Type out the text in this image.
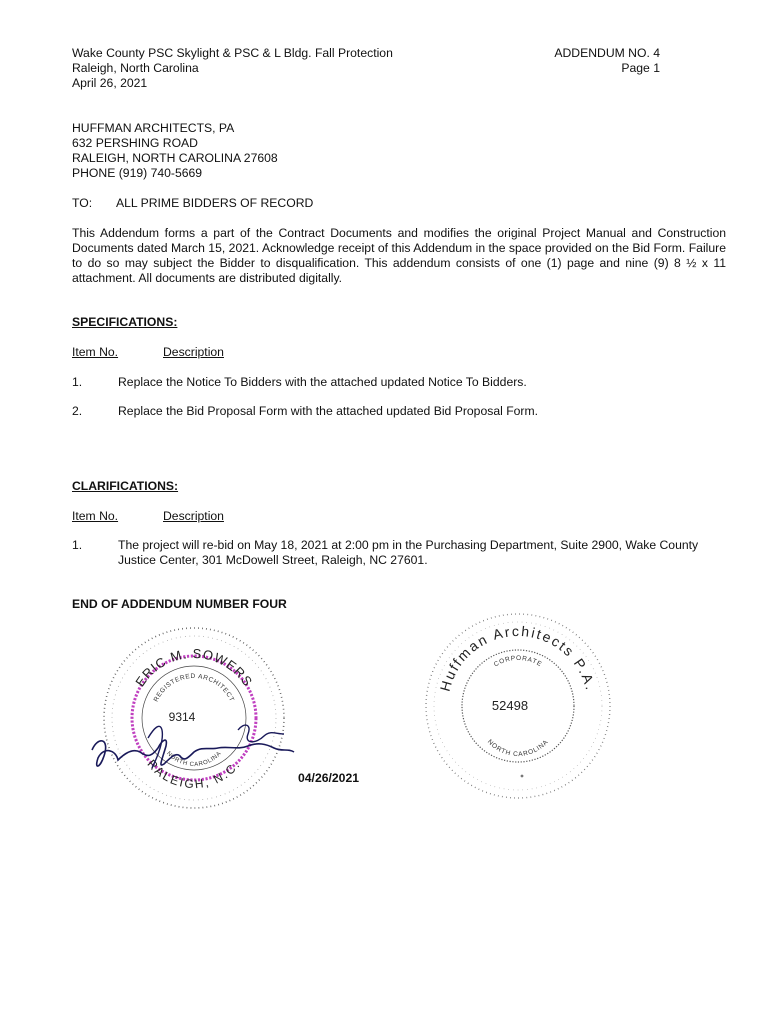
Wake County PSC Skylight & PSC & L Bldg. Fall Protection
Raleigh, North Carolina
April 26, 2021
ADDENDUM NO. 4
Page 1
HUFFMAN ARCHITECTS, PA
632 PERSHING ROAD
RALEIGH, NORTH CAROLINA 27608
PHONE (919) 740-5669
TO: ALL PRIME BIDDERS OF RECORD
This Addendum forms a part of the Contract Documents and modifies the original Project Manual and Construction Documents dated March 15, 2021. Acknowledge receipt of this Addendum in the space provided on the Bid Form. Failure to do so may subject the Bidder to disqualification. This addendum consists of one (1) page and nine (9) 8 ½ x 11 attachment. All documents are distributed digitally.
SPECIFICATIONS:
Item No.	Description
1.	Replace the Notice To Bidders with the attached updated Notice To Bidders.
2.	Replace the Bid Proposal Form with the attached updated Bid Proposal Form.
CLARIFICATIONS:
Item No.	Description
1.	The project will re-bid on May 18, 2021 at 2:00 pm in the Purchasing Department, Suite 2900, Wake County Justice Center, 301 McDowell Street, Raleigh, NC 27601.
END OF ADDENDUM NUMBER FOUR
ERIC M. SOWERS
REGISTERED ARCHITECT
RALEIGH, N.C.
NORTH CAROLINA
9314
04/26/2021
Huffman Architects P.A.
CORPORATE
NORTH CAROLINA
52498
